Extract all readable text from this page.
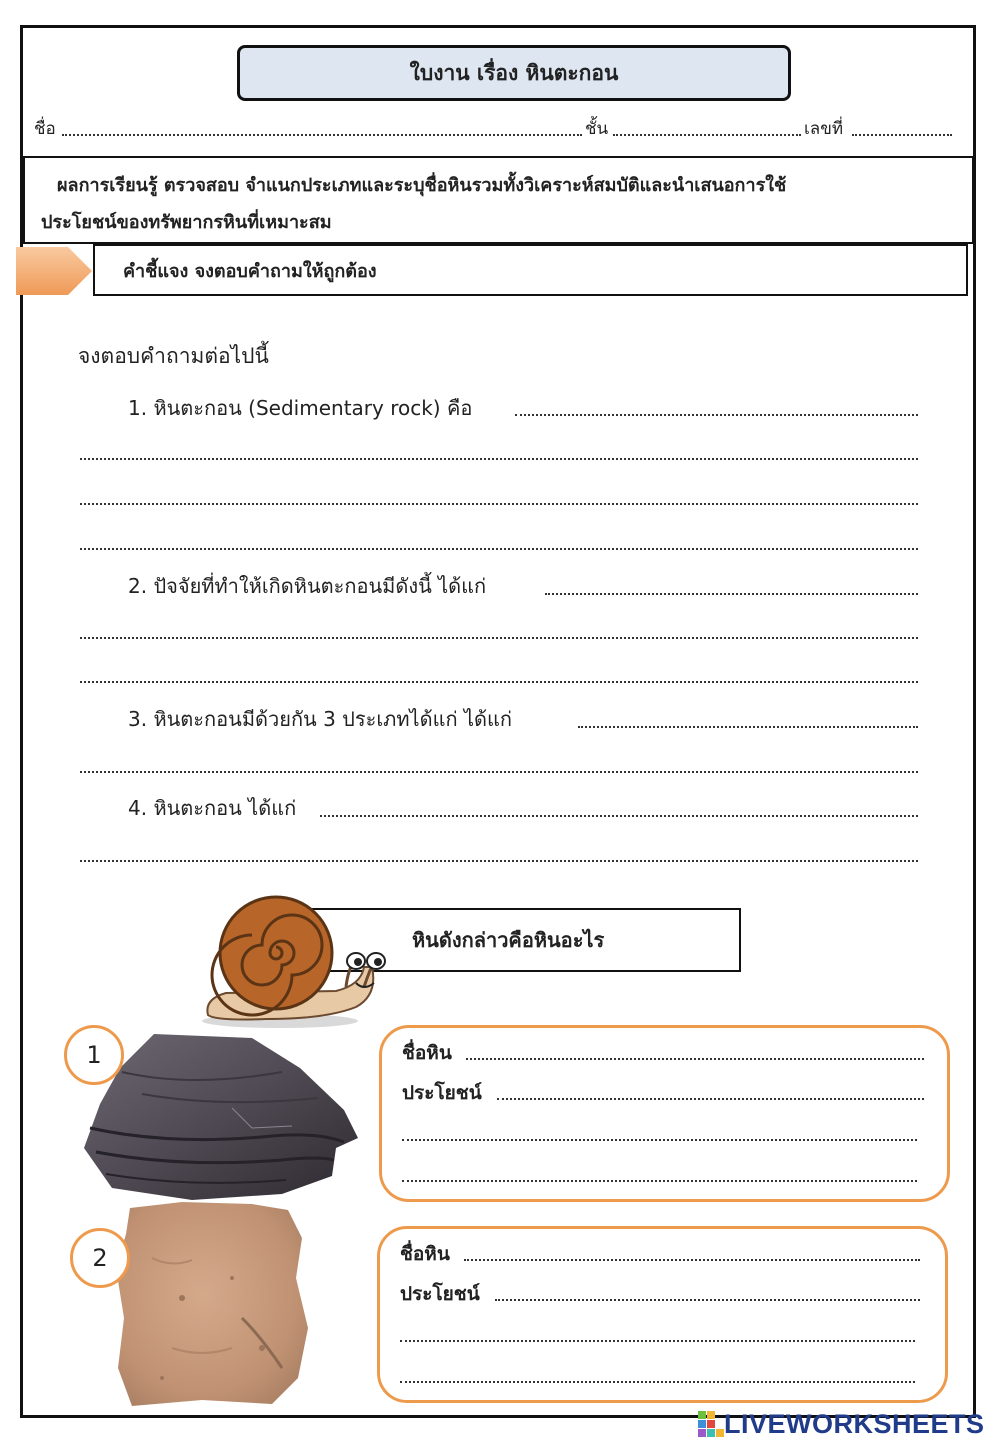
ใบงาน เรื่อง หินตะกอน
ชื่อ	ชั้น	เลขที่
ผลการเรียนรู้ ตรวจสอบ จำแนกประเภทและระบุชื่อหินรวมทั้งวิเคราะห์สมบัติและนำเสนอการใช้
ประโยชน์ของทรัพยากรหินที่เหมาะสม
คำชี้แจง จงตอบคำถามให้ถูกต้อง
จงตอบคำถามต่อไปนี้
1. หินตะกอน (Sedimentary rock) คือ
2. ปัจจัยที่ทำให้เกิดหินตะกอนมีดังนี้ ได้แก่
3. หินตะกอนมีด้วยกัน 3 ประเภทได้แก่ ได้แก่
4. หินตะกอน ได้แก่
หินดังกล่าวคือหินอะไร
ชื่อหิน
ประโยชน์
1
ชื่อหิน
ประโยชน์
2
LIVEWORKSHEETS
